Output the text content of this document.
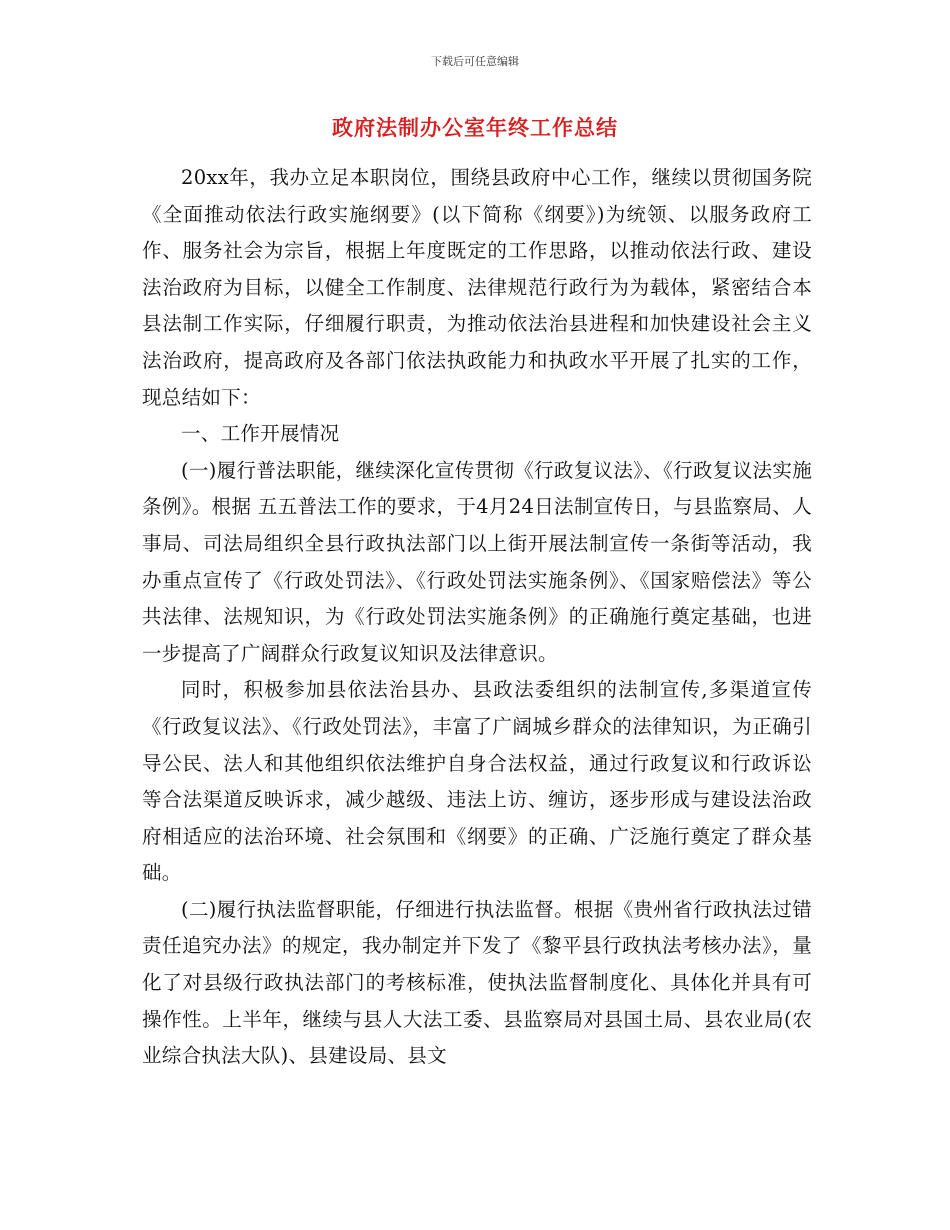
下载后可任意编辑
政府法制办公室年终工作总结

20xx年，我办立足本职岗位，围绕县政府中心工作，继续以贯彻国务院《全面推动依法行政实施纲要》(以下简称《纲要》)为统领、以服务政府工作、服务社会为宗旨，根据上年度既定的工作思路，以推动依法行政、建设法治政府为目标，以健全工作制度、法律规范行政行为为载体，紧密结合本县法制工作实际，仔细履行职责，为推动依法治县进程和加快建设社会主义法治政府，提高政府及各部门依法执政能力和执政水平开展了扎实的工作，现总结如下：

一、工作开展情况

(一)履行普法职能，继续深化宣传贯彻《行政复议法》、《行政复议法实施条例》。根据 五五普法工作的要求，于4月24日法制宣传日，与县监察局、人事局、司法局组织全县行政执法部门以上街开展法制宣传一条街等活动，我办重点宣传了《行政处罚法》、《行政处罚法实施条例》、《国家赔偿法》等公共法律、法规知识，为《行政处罚法实施条例》的正确施行奠定基础，也进一步提高了广阔群众行政复议知识及法律意识。

同时，积极参加县依法治县办、县政法委组织的法制宣传,多渠道宣传《行政复议法》、《行政处罚法》，丰富了广阔城乡群众的法律知识，为正确引导公民、法人和其他组织依法维护自身合法权益，通过行政复议和行政诉讼等合法渠道反映诉求，减少越级、违法上访、缠访，逐步形成与建设法治政府相适应的法治环境、社会氛围和《纲要》的正确、广泛施行奠定了群众基础。

(二)履行执法监督职能，仔细进行执法监督。根据《贵州省行政执法过错责任追究办法》的规定，我办制定并下发了《黎平县行政执法考核办法》，量化了对县级行政执法部门的考核标准，使执法监督制度化、具体化并具有可操作性。上半年，继续与县人大法工委、县监察局对县国土局、县农业局(农业综合执法大队)、县建设局、县文
